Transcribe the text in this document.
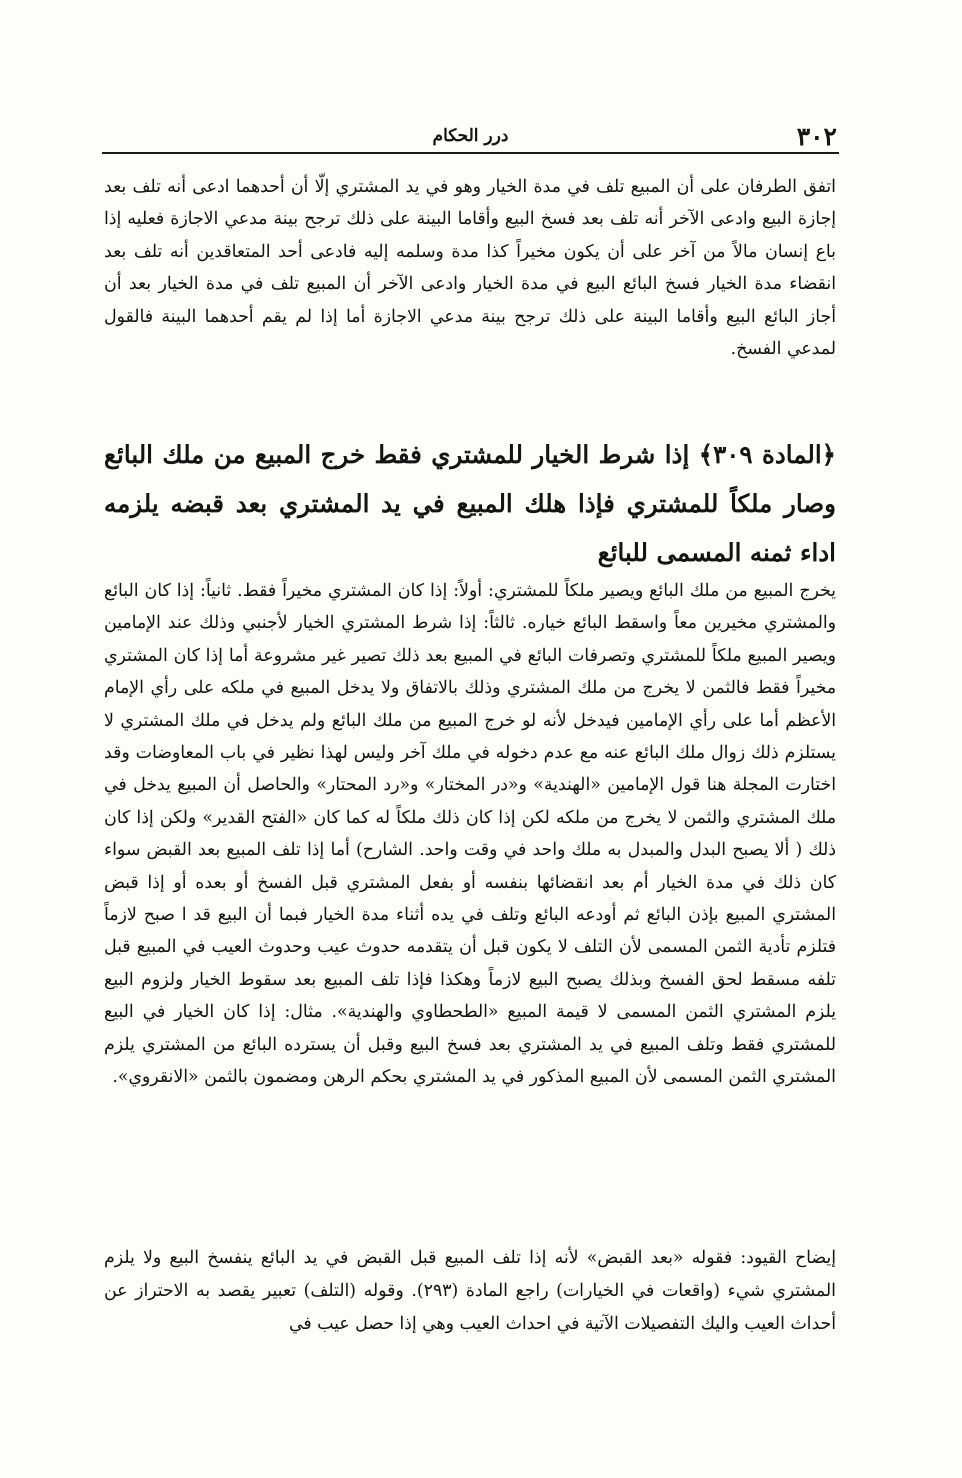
٣٠٢
درر الحكام

اتفق الطرفان على أن المبيع تلف في مدة الخيار وهو في يد المشتري إلّا أن أحدهما ادعى أنه تلف بعد إجازة البيع وادعى الآخر أنه تلف بعد فسخ البيع وأقاما البينة على ذلك ترجح بينة مدعي الاجازة فعليه إذا باع إنسان مالاً من آخر على أن يكون مخيراً كذا مدة وسلمه إليه فادعى أحد المتعاقدين أنه تلف بعد انقضاء مدة الخيار فسخ البائع البيع في مدة الخيار وادعى الآخر أن المبيع تلف في مدة الخيار بعد أن أجاز البائع البيع وأقاما البينة على ذلك ترجح بينة مدعي الاجازة أما إذا لم يقم أحدهما البينة فالقول لمدعي الفسخ.

﴿المادة ٣٠٩﴾ إذا شرط الخيار للمشتري فقط خرج المبيع من ملك البائع وصار ملكاً للمشتري فإذا هلك المبيع في يد المشتري بعد قبضه يلزمه اداء ثمنه المسمى للبائع

يخرج المبيع من ملك البائع ويصير ملكاً للمشتري: أولاً: إذا كان المشتري مخيراً فقط. ثانياً: إذا كان البائع والمشتري مخيرين معاً واسقط البائع خياره. ثالثاً: إذا شرط المشتري الخيار لأجنبي وذلك عند الإمامين ويصير المبيع ملكاً للمشتري وتصرفات البائع في المبيع بعد ذلك تصير غير مشروعة أما إذا كان المشتري مخيراً فقط فالثمن لا يخرج من ملك المشتري وذلك بالاتفاق ولا يدخل المبيع في ملكه على رأي الإمام الأعظم أما على رأي الإمامين فيدخل لأنه لو خرج المبيع من ملك البائع ولم يدخل في ملك المشتري لا يستلزم ذلك زوال ملك البائع عنه مع عدم دخوله في ملك آخر وليس لهذا نظير في باب المعاوضات وقد اختارت المجلة هنا قول الإمامين «الهندية» و«در المختار» و«رد المحتار» والحاصل أن المبيع يدخل في ملك المشتري والثمن لا يخرج من ملكه لكن إذا كان ذلك ملكاً له كما كان «الفتح القدير» ولكن إذا كان ذلك ( ألا يصبح البدل والمبدل به ملك واحد في وقت واحد. الشارح) أما إذا تلف المبيع بعد القبض سواء كان ذلك في مدة الخيار أم بعد انقضائها بنفسه أو بفعل المشتري قبل الفسخ أو بعده أو إذا قبض المشتري المبيع بإذن البائع ثم أودعه البائع وتلف في يده أثناء مدة الخيار فبما أن البيع قد ا صبح لازماً فتلزم تأدية الثمن المسمى لأن التلف لا يكون قبل أن يتقدمه حدوث عيب وحدوث العيب في المبيع قبل تلفه مسقط لحق الفسخ وبذلك يصبح البيع لازماً وهكذا فإذا تلف المبيع بعد سقوط الخيار ولزوم البيع يلزم المشتري الثمن المسمى لا قيمة المبيع «الطحطاوي والهندية». مثال: إذا كان الخيار في البيع للمشتري فقط وتلف المبيع في يد المشتري بعد فسخ البيع وقبل أن يسترده البائع من المشتري يلزم المشتري الثمن المسمى لأن المبيع المذكور في يد المشتري بحكم الرهن ومضمون بالثمن «الانقروي».

إيضاح القيود: فقوله «بعد القبض» لأنه إذا تلف المبيع قبل القبض في يد البائع ينفسخ البيع ولا يلزم المشتري شيء (واقعات في الخيارات) راجع المادة (٢٩٣). وقوله (التلف) تعبير يقصد به الاحتراز عن أحداث العيب واليك التفصيلات الآتية في احداث العيب وهي إذا حصل عيب في
